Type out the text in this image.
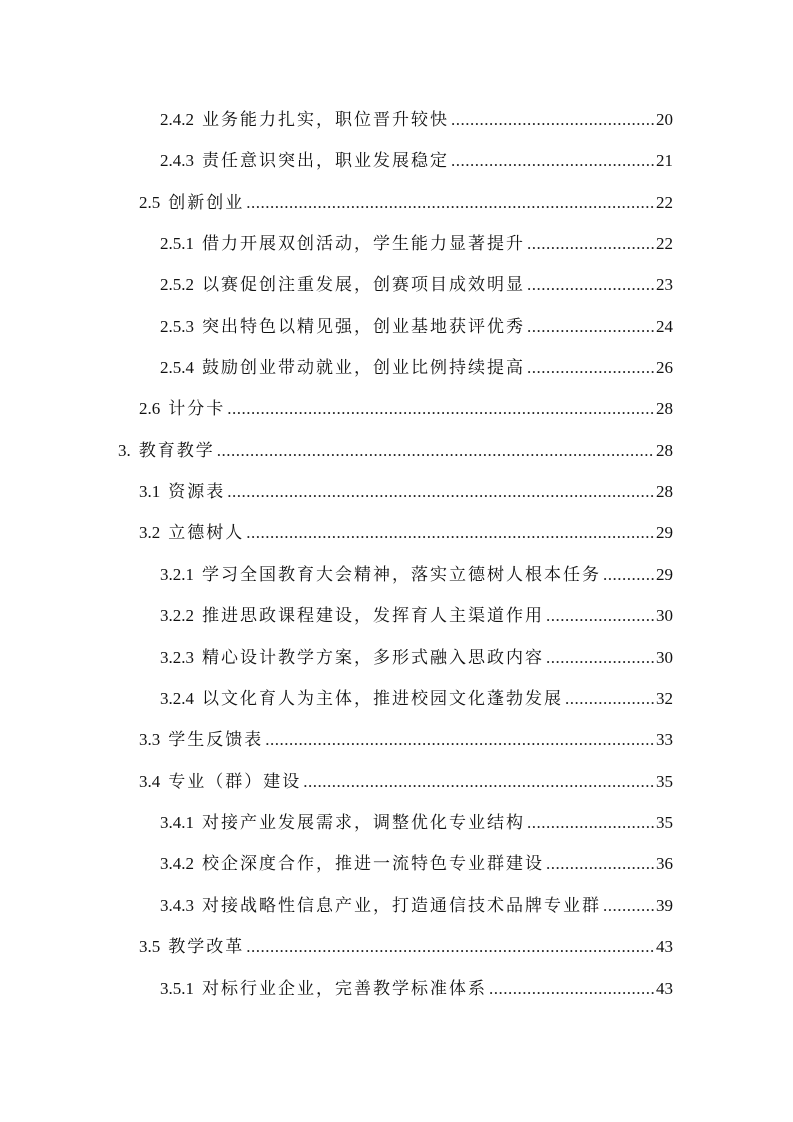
2.4.2 业务能力扎实，职位晋升较快 .....	20
2.4.3 责任意识突出，职业发展稳定 .....	21
2.5 创新创业 .....	22
2.5.1 借力开展双创活动，学生能力显著提升 .....	22
2.5.2 以赛促创注重发展，创赛项目成效明显 .....	23
2.5.3 突出特色以精见强，创业基地获评优秀 .....	24
2.5.4 鼓励创业带动就业，创业比例持续提高 .....	26
2.6 计分卡 .....	28
3. 教育教学 .....	28
3.1 资源表 .....	28
3.2 立德树人 .....	29
3.2.1 学习全国教育大会精神，落实立德树人根本任务 .....	29
3.2.2 推进思政课程建设，发挥育人主渠道作用 .....	30
3.2.3 精心设计教学方案，多形式融入思政内容 .....	30
3.2.4 以文化育人为主体，推进校园文化蓬勃发展 .....	32
3.3 学生反馈表 .....	33
3.4 专业（群）建设 .....	35
3.4.1 对接产业发展需求，调整优化专业结构 .....	35
3.4.2 校企深度合作，推进一流特色专业群建设 .....	36
3.4.3 对接战略性信息产业，打造通信技术品牌专业群 .....	39
3.5 教学改革 .....	43
3.5.1 对标行业企业，完善教学标准体系 .....	43
